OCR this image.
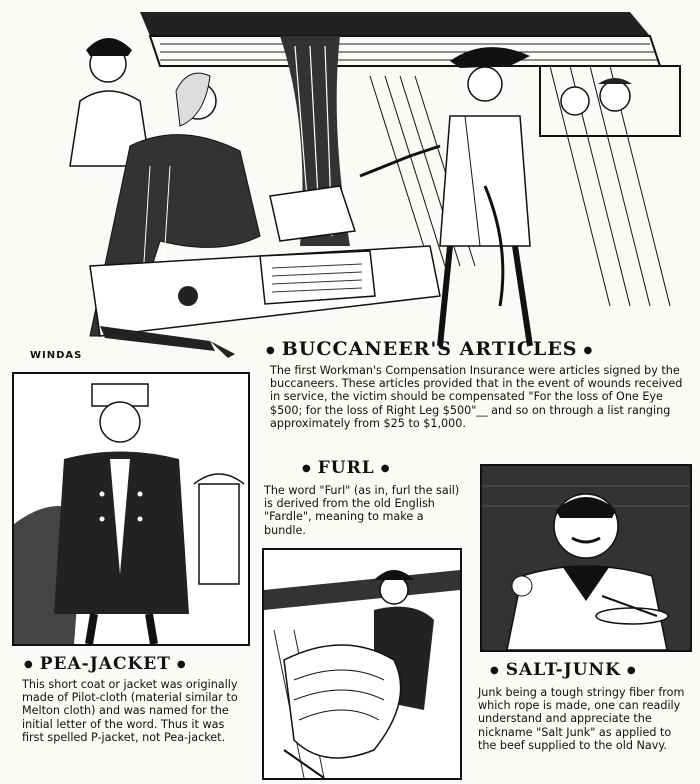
WINDAS	● BUCCANEER'S ARTICLES ●
The first Workman's Compensation Insurance were articles signed by the buccaneers. These articles provided that in the event of wounds received in service, the victim should be compensated "For the loss of One Eye $500; for the loss of Right Leg $500"__ and so on through a list ranging approximately from $25 to $1,000.
● PEA-JACKET ●
This short coat or jacket was originally made of Pilot-cloth (material similar to Melton cloth) and was named for the initial letter of the word. Thus it was first spelled P-jacket, not Pea-jacket.
● FURL ●
The word "Furl" (as in, furl the sail) is derived from the old English "Fardle", meaning to make a bundle.
● SALT-JUNK ●
Junk being a tough stringy fiber from which rope is made, one can readily understand and appreciate the nickname "Salt Junk" as applied to the beef supplied to the old Navy.
